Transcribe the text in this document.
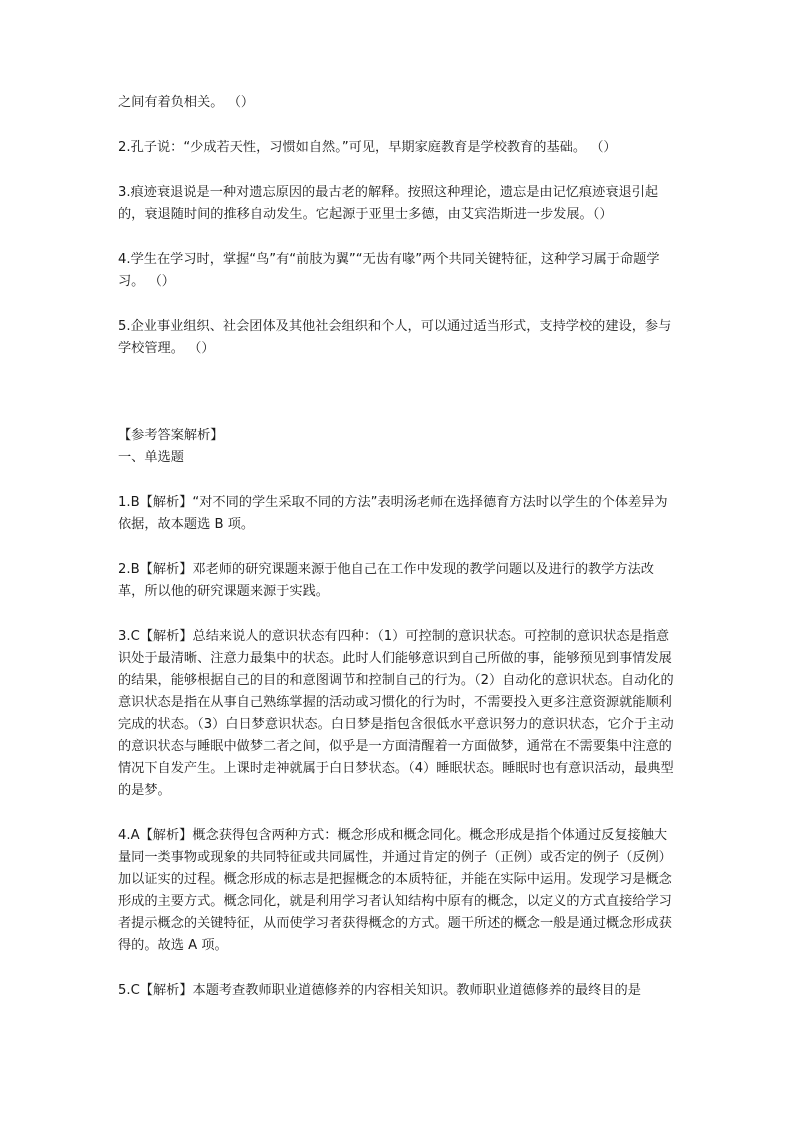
之间有着负相关。 （）

2.孔子说：“少成若天性，习惯如自然。”可见，早期家庭教育是学校教育的基础。 （）

3.痕迹衰退说是一种对遗忘原因的最古老的解释。按照这种理论，遗忘是由记忆痕迹衰退引起的，衰退随时间的推移自动发生。它起源于亚里士多德，由艾宾浩斯进一步发展。（）

4.学生在学习时，掌握“鸟”有“前肢为翼”“无齿有喙”两个共同关键特征，这种学习属于命题学习。 （）

5.企业事业组织、社会团体及其他社会组织和个人，可以通过适当形式，支持学校的建设，参与学校管理。 （）

【参考答案解析】

一、单选题

1.B【解析】“对不同的学生采取不同的方法”表明汤老师在选择德育方法时以学生的个体差异为依据，故本题选 B 项。

2.B【解析】邓老师的研究课题来源于他自己在工作中发现的教学问题以及进行的教学方法改革，所以他的研究课题来源于实践。

3.C【解析】总结来说人的意识状态有四种：（1）可控制的意识状态。可控制的意识状态是指意识处于最清晰、注意力最集中的状态。此时人们能够意识到自己所做的事，能够预见到事情发展的结果，能够根据自己的目的和意图调节和控制自己的行为。（2）自动化的意识状态。自动化的意识状态是指在从事自己熟练掌握的活动或习惯化的行为时，不需要投入更多注意资源就能顺利完成的状态。（3）白日梦意识状态。白日梦是指包含很低水平意识努力的意识状态，它介于主动的意识状态与睡眠中做梦二者之间，似乎是一方面清醒着一方面做梦，通常在不需要集中注意的情况下自发产生。上课时走神就属于白日梦状态。（4）睡眠状态。睡眠时也有意识活动，最典型的是梦。

4.A【解析】概念获得包含两种方式：概念形成和概念同化。概念形成是指个体通过反复接触大量同一类事物或现象的共同特征或共同属性，并通过肯定的例子（正例）或否定的例子（反例）加以证实的过程。概念形成的标志是把握概念的本质特征，并能在实际中运用。发现学习是概念形成的主要方式。概念同化，就是利用学习者认知结构中原有的概念，以定义的方式直接给学习者提示概念的关键特征，从而使学习者获得概念的方式。题干所述的概念一般是通过概念形成获得的。故选 A 项。

5.C【解析】本题考查教师职业道德修养的内容相关知识。教师职业道德修养的最终目的是
